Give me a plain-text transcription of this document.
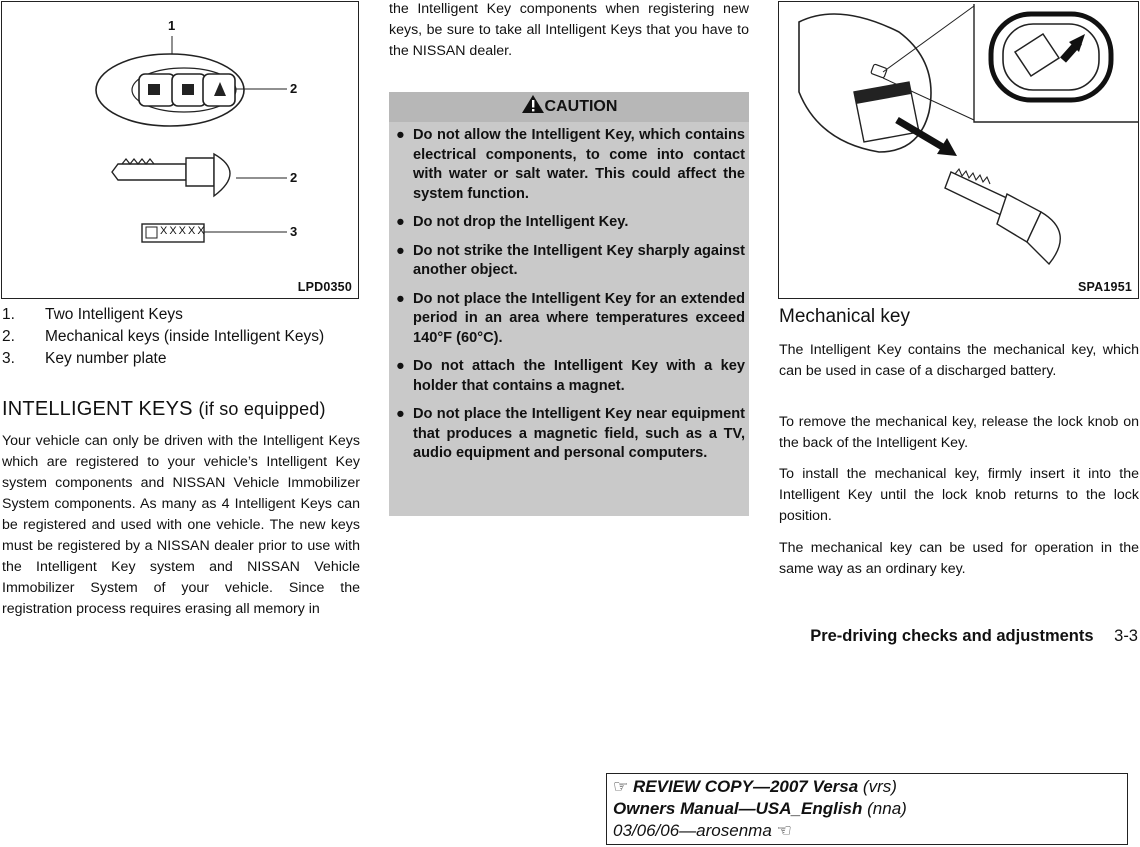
XXXXX
1
2
2
3
LPD0350
1.	Two Intelligent Keys
2.	Mechanical keys (inside Intelligent Keys)
3.	Key number plate
INTELLIGENT KEYS (if so equipped)
Your vehicle can only be driven with the Intelligent Keys which are registered to your vehicle’s Intelligent Key system components and NISSAN Vehicle Immobilizer System components. As many as 4 Intelligent Keys can be registered and used with one vehicle. The new keys must be registered by a NISSAN dealer prior to use with the Intelligent Key system and NISSAN Vehicle Immobilizer System of your vehicle. Since the registration process requires erasing all memory in
the Intelligent Key components when registering new keys, be sure to take all Intelligent Keys that you have to the NISSAN dealer.
CAUTION
● Do not allow the Intelligent Key, which contains electrical components, to come into contact with water or salt water. This could affect the system function.
● Do not drop the Intelligent Key.
● Do not strike the Intelligent Key sharply against another object.
● Do not place the Intelligent Key for an extended period in an area where temperatures exceed 140°F (60°C).
● Do not attach the Intelligent Key with a key holder that contains a magnet.
● Do not place the Intelligent Key near equipment that produces a magnetic field, such as a TV, audio equipment and personal computers.
SPA1951
Mechanical key
The Intelligent Key contains the mechanical key, which can be used in case of a discharged battery.
To remove the mechanical key, release the lock knob on the back of the Intelligent Key.
To install the mechanical key, firmly insert it into the Intelligent Key until the lock knob returns to the lock position.
The mechanical key can be used for operation in the same way as an ordinary key.
Pre-driving checks and adjustments 3-3
☞ REVIEW COPY—2007 Versa (vrs)
Owners Manual—USA_English (nna)
03/06/06—arosenma ☜
